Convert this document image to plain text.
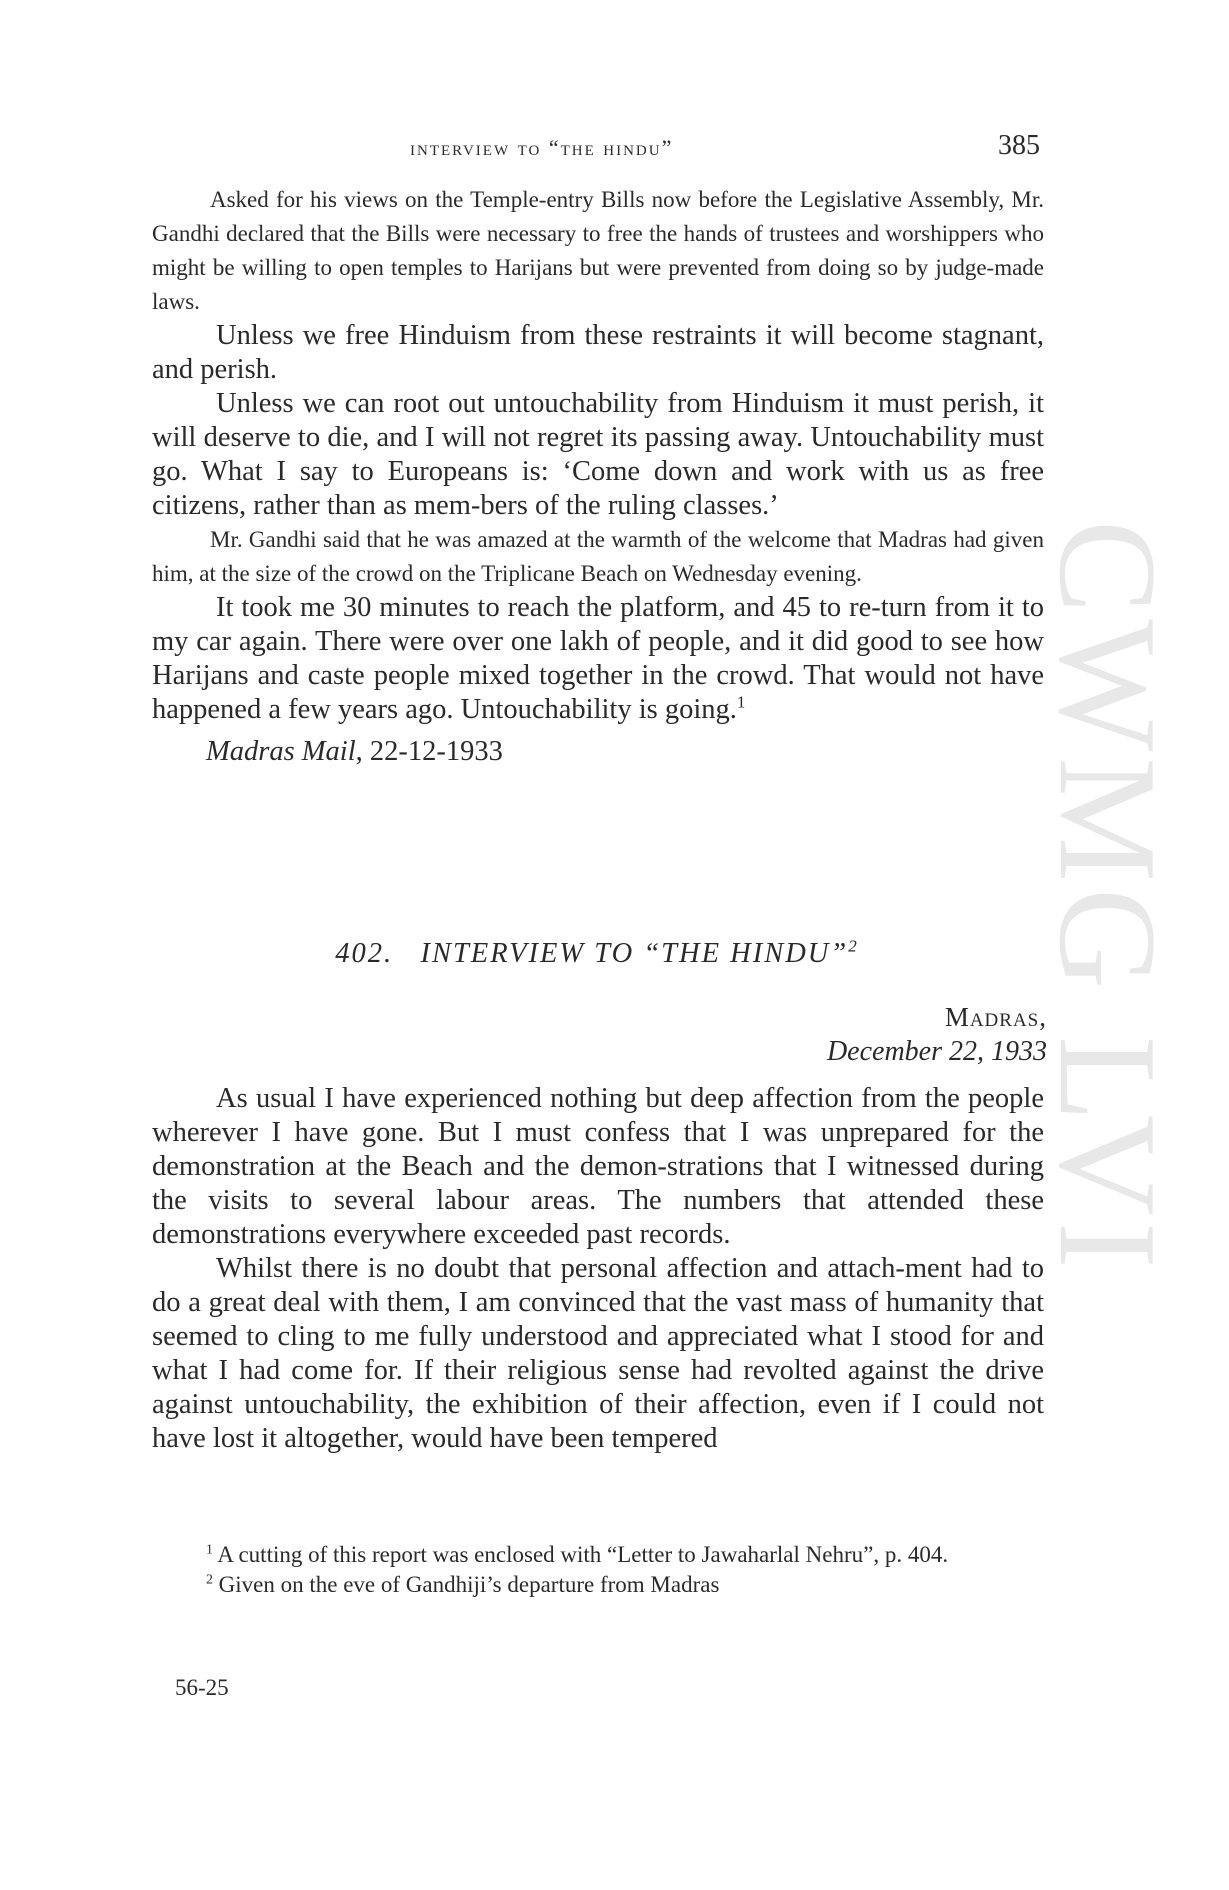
CWMG LVI
interview to “the hindu”	385

Asked for his views on the Temple-entry Bills now before the Legislative Assembly, Mr. Gandhi declared that the Bills were necessary to free the hands of trustees and worshippers who might be willing to open temples to Harijans but were prevented from doing so by judge-made laws.

Unless we free Hinduism from these restraints it will become stagnant, and perish.

Unless we can root out untouchability from Hinduism it must perish, it will deserve to die, and I will not regret its passing away. Untouchability must go. What I say to Europeans is: ‘Come down and work with us as free citizens, rather than as mem-bers of the ruling classes.’

Mr. Gandhi said that he was amazed at the warmth of the welcome that Madras had given him, at the size of the crowd on the Triplicane Beach on Wednesday evening.

It took me 30 minutes to reach the platform, and 45 to re-turn from it to my car again. There were over one lakh of people, and it did good to see how Harijans and caste people mixed together in the crowd. That would not have happened a few years ago. Untouchability is going.$^1$

Madras Mail, 22-12-1933

402. INTERVIEW TO “THE HINDU”$^2$
Madras,
December 22, 1933

As usual I have experienced nothing but deep affection from the people wherever I have gone. But I must confess that I was unprepared for the demonstration at the Beach and the demon-strations that I witnessed during the visits to several labour areas. The numbers that attended these demonstrations everywhere exceeded past records.

Whilst there is no doubt that personal affection and attach-ment had to do a great deal with them, I am convinced that the vast mass of humanity that seemed to cling to me fully understood and appreciated what I stood for and what I had come for. If their religious sense had revolted against the drive against untouchability, the exhibition of their affection, even if I could not have lost it altogether, would have been tempered

$^1$ A cutting of this report was enclosed with “Letter to Jawaharlal Nehru”, p. 404.

$^2$ Given on the eve of Gandhiji’s departure from Madras

56-25
